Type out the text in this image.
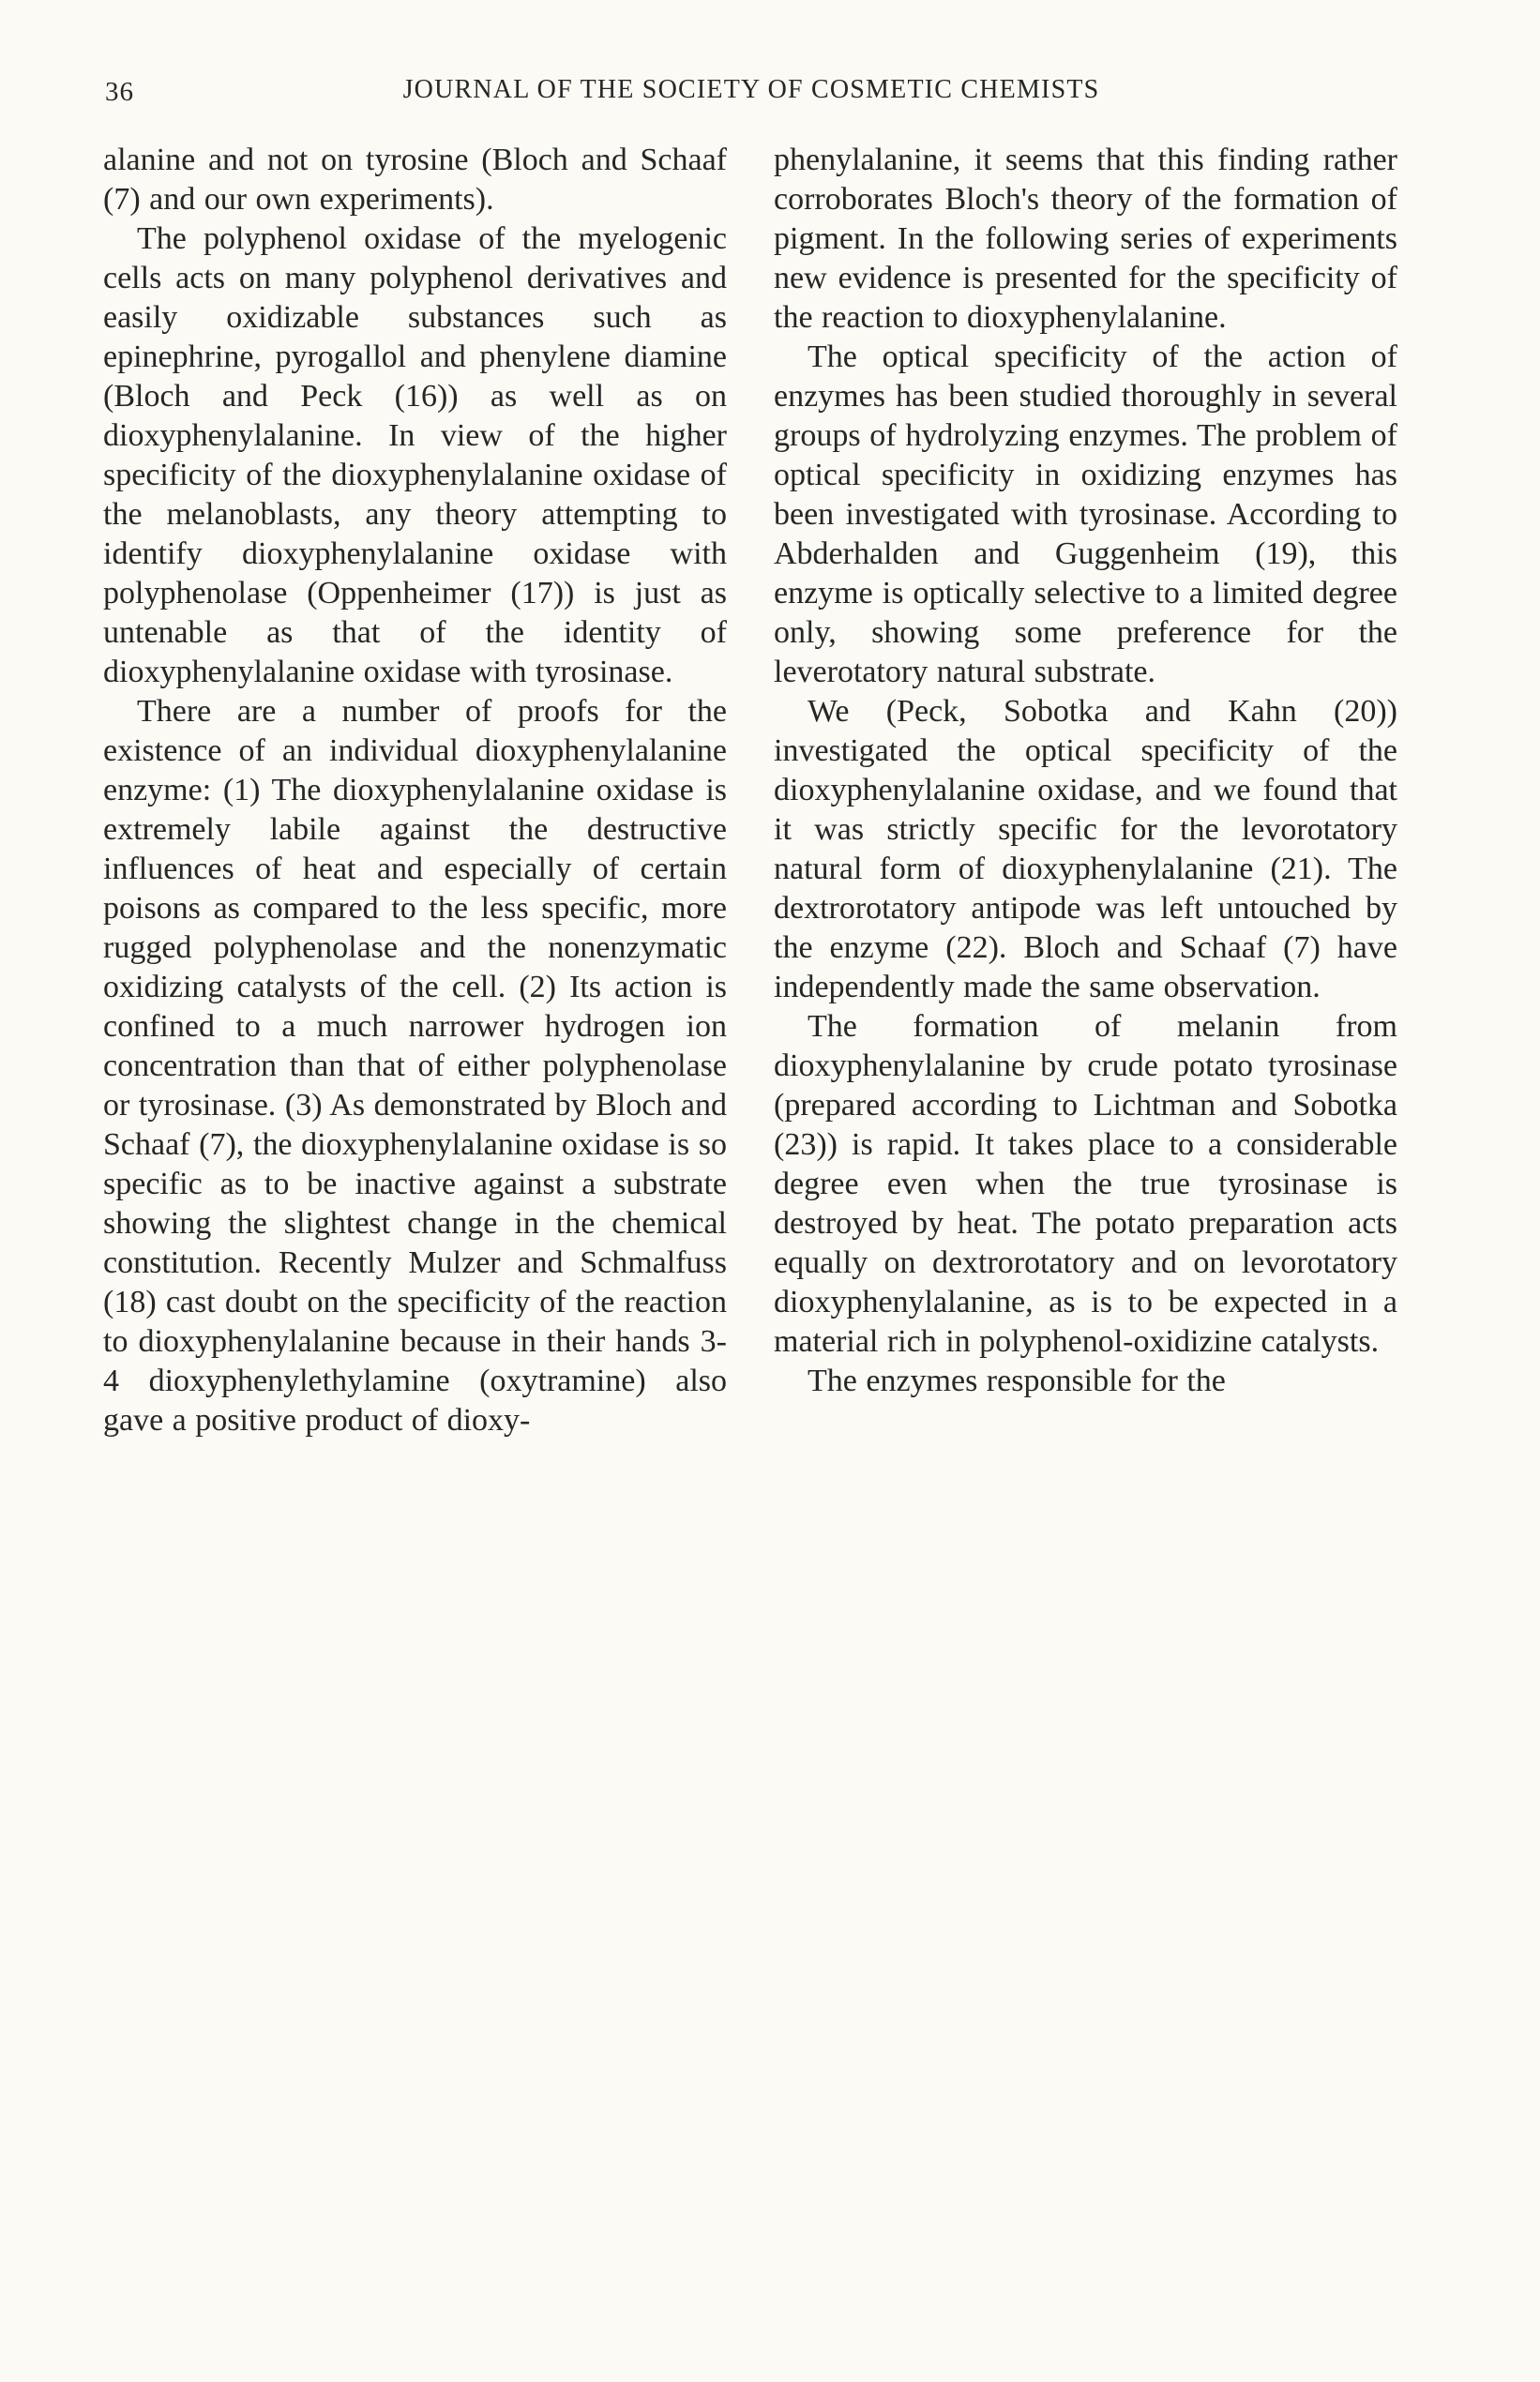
36	JOURNAL OF THE SOCIETY OF COSMETIC CHEMISTS

alanine and not on tyrosine (Bloch and Schaaf (7) and our own experiments).

The polyphenol oxidase of the myelogenic cells acts on many polyphenol derivatives and easily oxidizable substances such as epinephrine, pyrogallol and phenylene diamine (Bloch and Peck (16)) as well as on dioxyphenylalanine. In view of the higher specificity of the dioxyphenylalanine oxidase of the melanoblasts, any theory attempting to identify dioxyphenylalanine oxidase with polyphenolase (Oppenheimer (17)) is just as untenable as that of the identity of dioxyphenylalanine oxidase with tyrosinase.

There are a number of proofs for the existence of an individual dioxyphenylalanine enzyme: (1) The dioxyphenylalanine oxidase is extremely labile against the destructive influences of heat and especially of certain poisons as compared to the less specific, more rugged polyphenolase and the nonenzymatic oxidizing catalysts of the cell. (2) Its action is confined to a much narrower hydrogen ion concentration than that of either polyphenolase or tyrosinase. (3) As demonstrated by Bloch and Schaaf (7), the dioxyphenylalanine oxidase is so specific as to be inactive against a substrate showing the slightest change in the chemical constitution. Recently Mulzer and Schmalfuss (18) cast doubt on the specificity of the reaction to dioxyphenylalanine because in their hands 3-4 dioxyphenylethylamine (oxytramine) also gave a positive product of dioxy-

phenylalanine, it seems that this finding rather corroborates Bloch's theory of the formation of pigment. In the following series of experiments new evidence is presented for the specificity of the reaction to dioxyphenylalanine.

The optical specificity of the action of enzymes has been studied thoroughly in several groups of hydrolyzing enzymes. The problem of optical specificity in oxidizing enzymes has been investigated with tyrosinase. According to Abderhalden and Guggenheim (19), this enzyme is optically selective to a limited degree only, showing some preference for the leverotatory natural substrate.

We (Peck, Sobotka and Kahn (20)) investigated the optical specificity of the dioxyphenylalanine oxidase, and we found that it was strictly specific for the levorotatory natural form of dioxyphenylalanine (21). The dextrorotatory antipode was left untouched by the enzyme (22). Bloch and Schaaf (7) have independently made the same observation.

The formation of melanin from dioxyphenylalanine by crude potato tyrosinase (prepared according to Lichtman and Sobotka (23)) is rapid. It takes place to a considerable degree even when the true tyrosinase is destroyed by heat. The potato preparation acts equally on dextrorotatory and on levorotatory dioxyphenylalanine, as is to be expected in a material rich in polyphenol-oxidizine catalysts.

The enzymes responsible for the
